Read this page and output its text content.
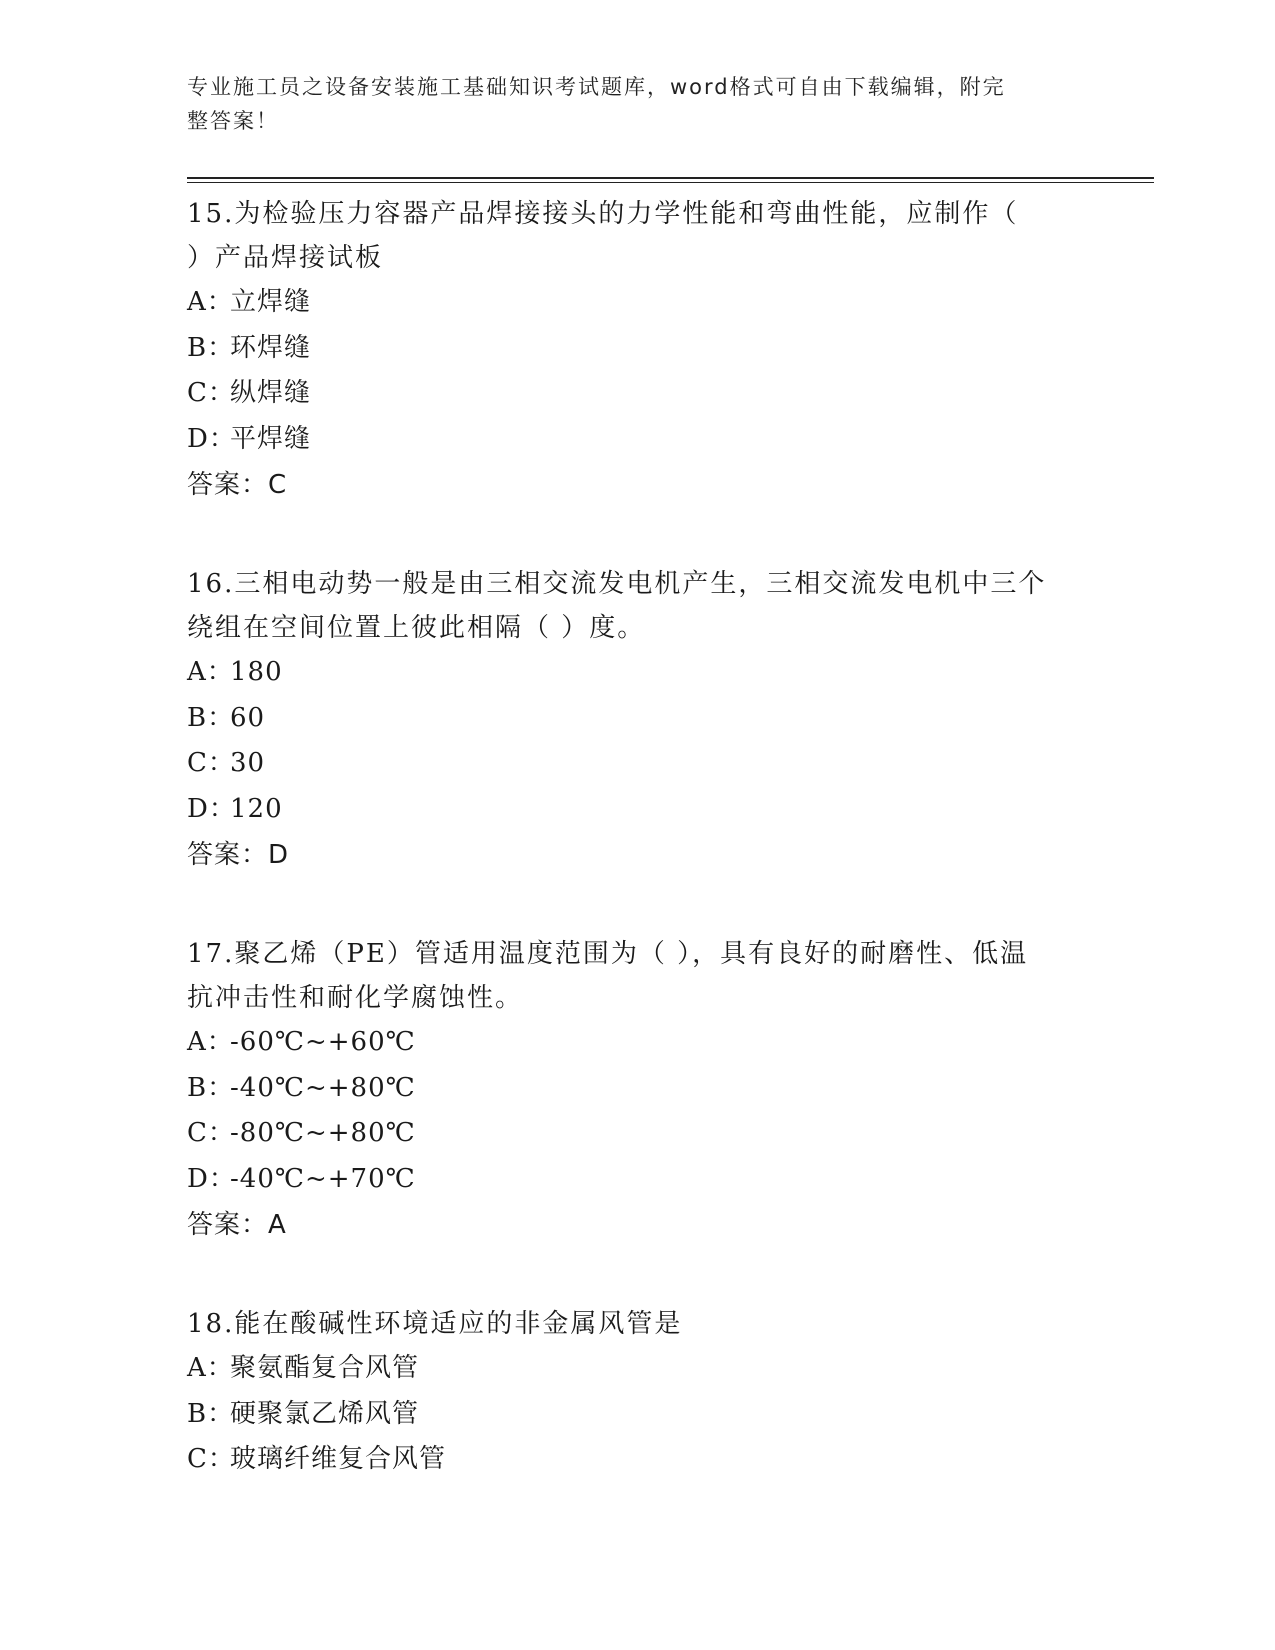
专业施工员之设备安装施工基础知识考试题库，word格式可自由下载编辑，附完
整答案！

15.为检验压力容器产品焊接接头的力学性能和弯曲性能，应制作（

）产品焊接试板

A：立焊缝

B：环焊缝

C：纵焊缝

D：平焊缝

答案：C

16.三相电动势一般是由三相交流发电机产生，三相交流发电机中三个

绕组在空间位置上彼此相隔（ ）度。

A：180

B：60

C：30

D：120

答案：D

17.聚乙烯（PE）管适用温度范围为（ ），具有良好的耐磨性、低温

抗冲击性和耐化学腐蚀性。

A：-60℃~+60℃

B：-40℃~+80℃

C：-80℃~+80℃

D：-40℃~+70℃

答案：A

18.能在酸碱性环境适应的非金属风管是

A：聚氨酯复合风管

B：硬聚氯乙烯风管

C：玻璃纤维复合风管
